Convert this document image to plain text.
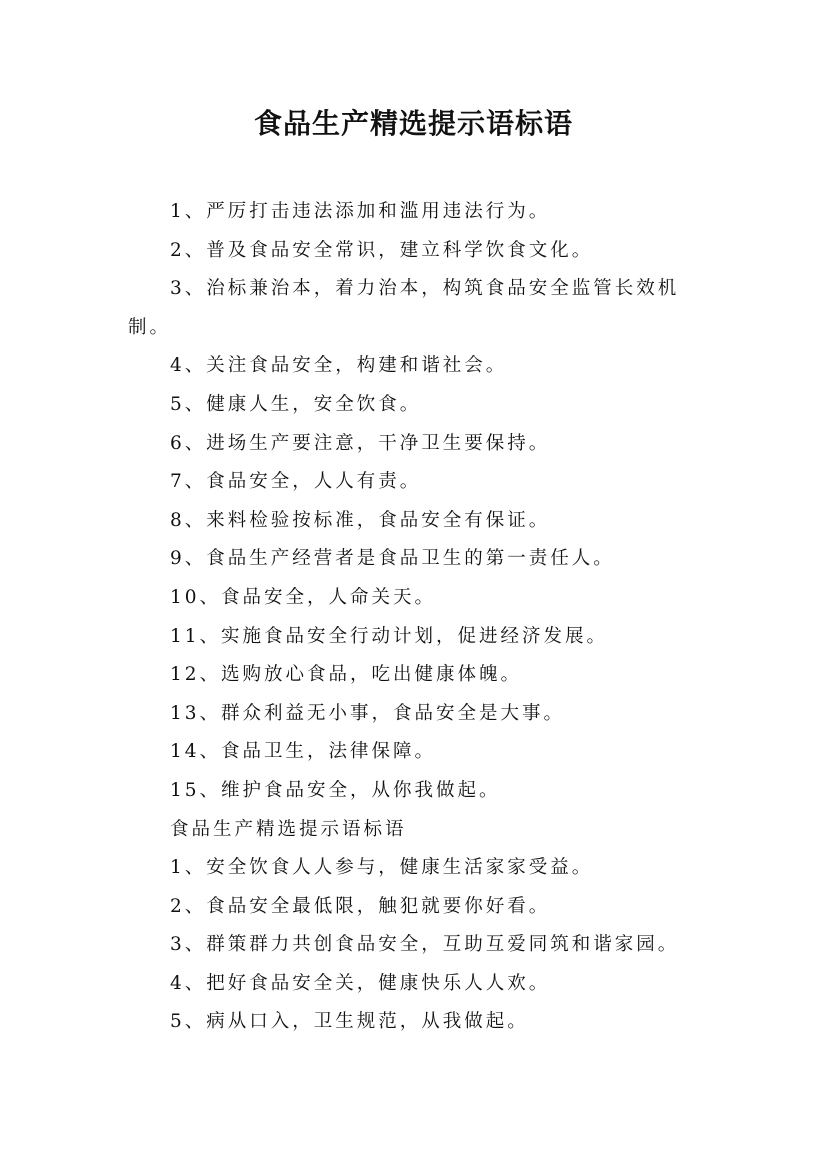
食品生产精选提示语标语

1、严厉打击违法添加和滥用违法行为。

2、普及食品安全常识，建立科学饮食文化。

3、治标兼治本，着力治本，构筑食品安全监管长效机制。

4、关注食品安全，构建和谐社会。

5、健康人生，安全饮食。

6、进场生产要注意，干净卫生要保持。

7、食品安全，人人有责。

8、来料检验按标准，食品安全有保证。

9、食品生产经营者是食品卫生的第一责任人。

10、食品安全，人命关天。

11、实施食品安全行动计划，促进经济发展。

12、选购放心食品，吃出健康体魄。

13、群众利益无小事，食品安全是大事。

14、食品卫生，法律保障。

15、维护食品安全，从你我做起。

食品生产精选提示语标语

1、安全饮食人人参与，健康生活家家受益。

2、食品安全最低限，触犯就要你好看。

3、群策群力共创食品安全，互助互爱同筑和谐家园。

4、把好食品安全关，健康快乐人人欢。

5、病从口入，卫生规范，从我做起。
